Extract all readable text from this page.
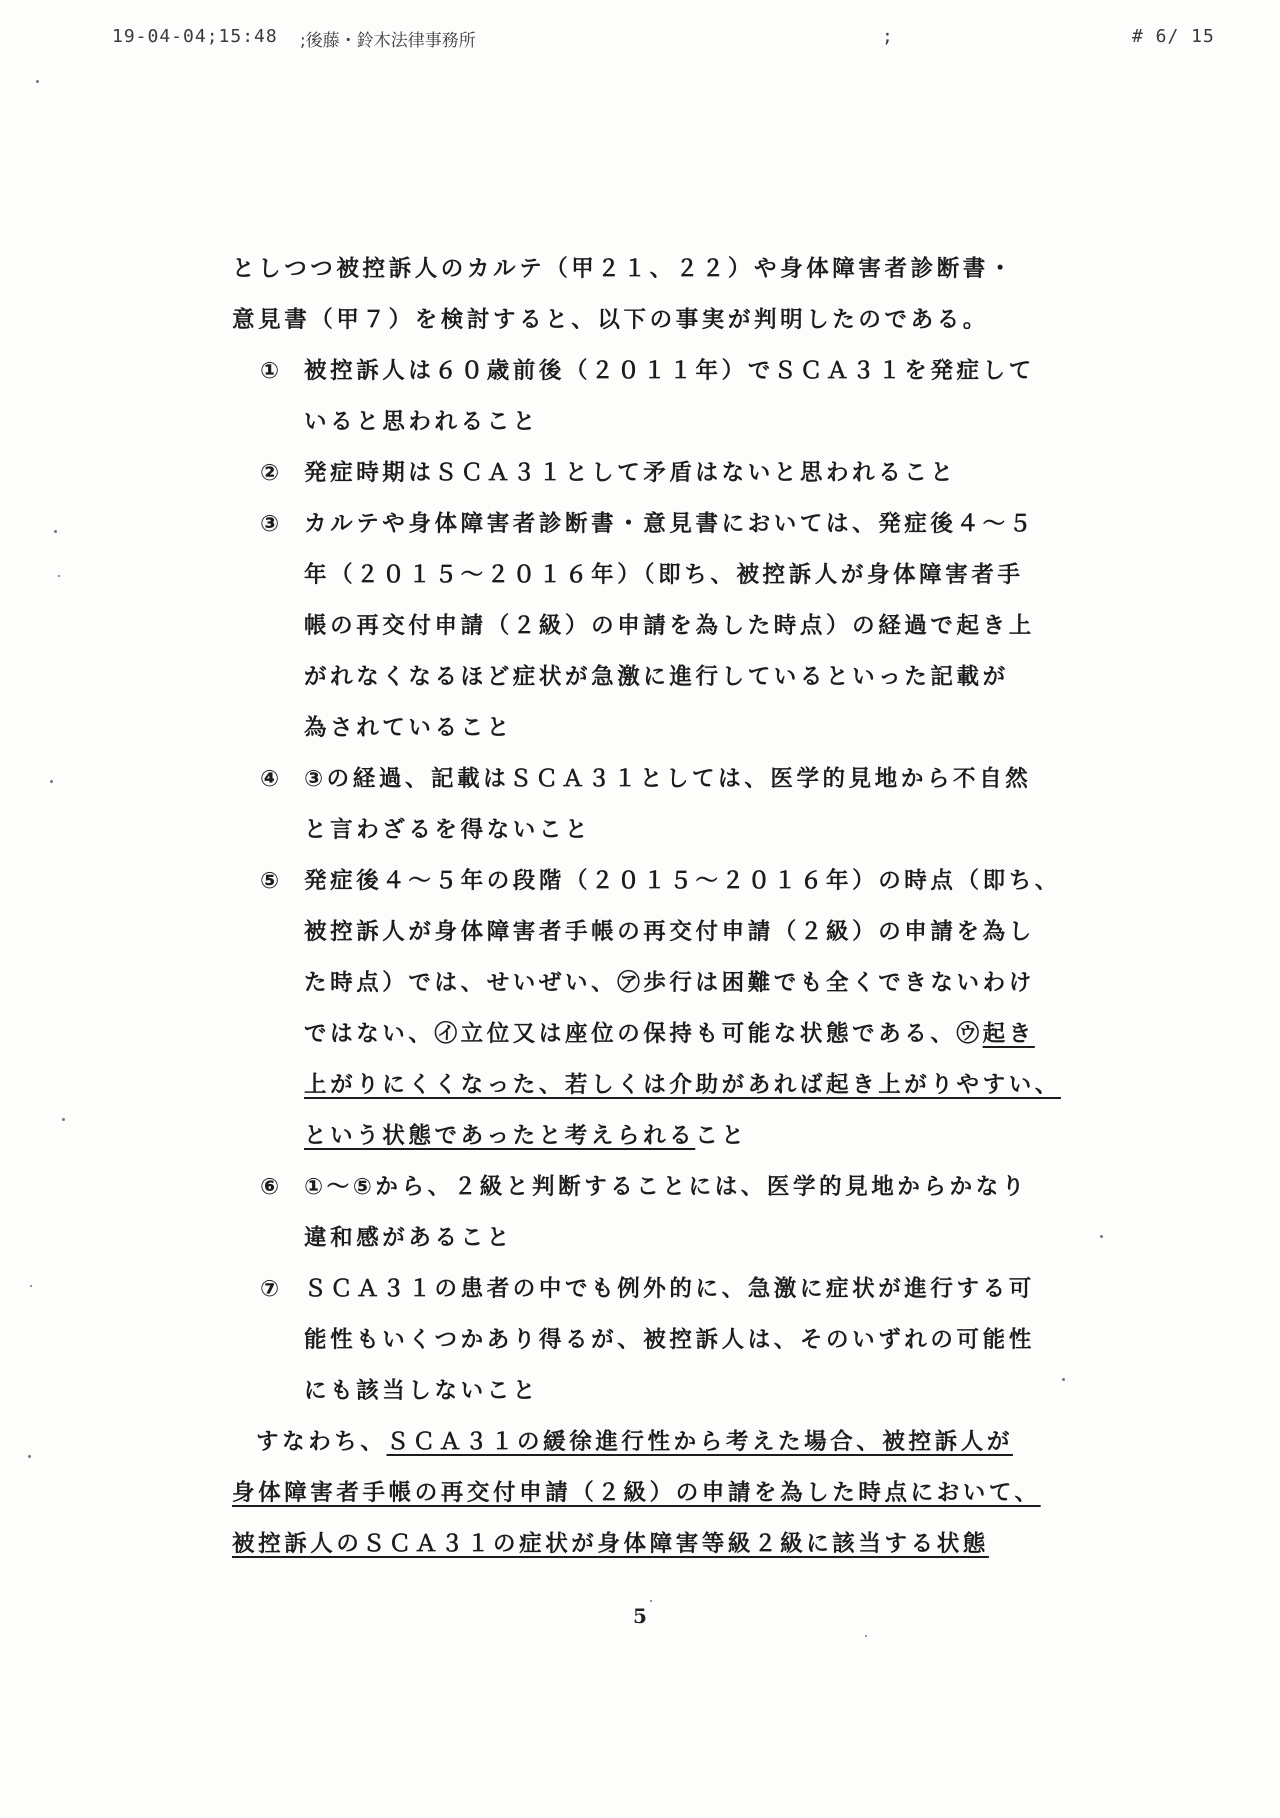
19-04-04;15:48 ;後藤・鈴木法律事務所	;	# 6/ 15
としつつ被控訴人のカルテ（甲２１、２２）や身体障害者診断書・
意見書（甲７）を検討すると、以下の事実が判明したのである。
① 被控訴人は６０歳前後（２０１１年）でＳＣＡ３１を発症して
いると思われること
② 発症時期はＳＣＡ３１として矛盾はないと思われること
③ カルテや身体障害者診断書・意見書においては、発症後４～５
年（２０１５～２０１６年）（即ち、被控訴人が身体障害者手
帳の再交付申請（２級）の申請を為した時点）の経過で起き上
がれなくなるほど症状が急激に進行しているといった記載が
為されていること
④ ③の経過、記載はＳＣＡ３１としては、医学的見地から不自然
と言わざるを得ないこと
⑤ 発症後４～５年の段階（２０１５～２０１６年）の時点（即ち、
被控訴人が身体障害者手帳の再交付申請（２級）の申請を為し
た時点）では、せいぜい、㋐歩行は困難でも全くできないわけ
ではない、㋑立位又は座位の保持も可能な状態である、㋒起き
上がりにくくなった、若しくは介助があれば起き上がりやすい、
という状態であったと考えられること
⑥ ①～⑤から、２級と判断することには、医学的見地からかなり
違和感があること
⑦ ＳＣＡ３１の患者の中でも例外的に、急激に症状が進行する可
能性もいくつかあり得るが、被控訴人は、そのいずれの可能性
にも該当しないこと
すなわち、ＳＣＡ３１の緩徐進行性から考えた場合、被控訴人が
身体障害者手帳の再交付申請（２級）の申請を為した時点において、
被控訴人のＳＣＡ３１の症状が身体障害等級２級に該当する状態
5
